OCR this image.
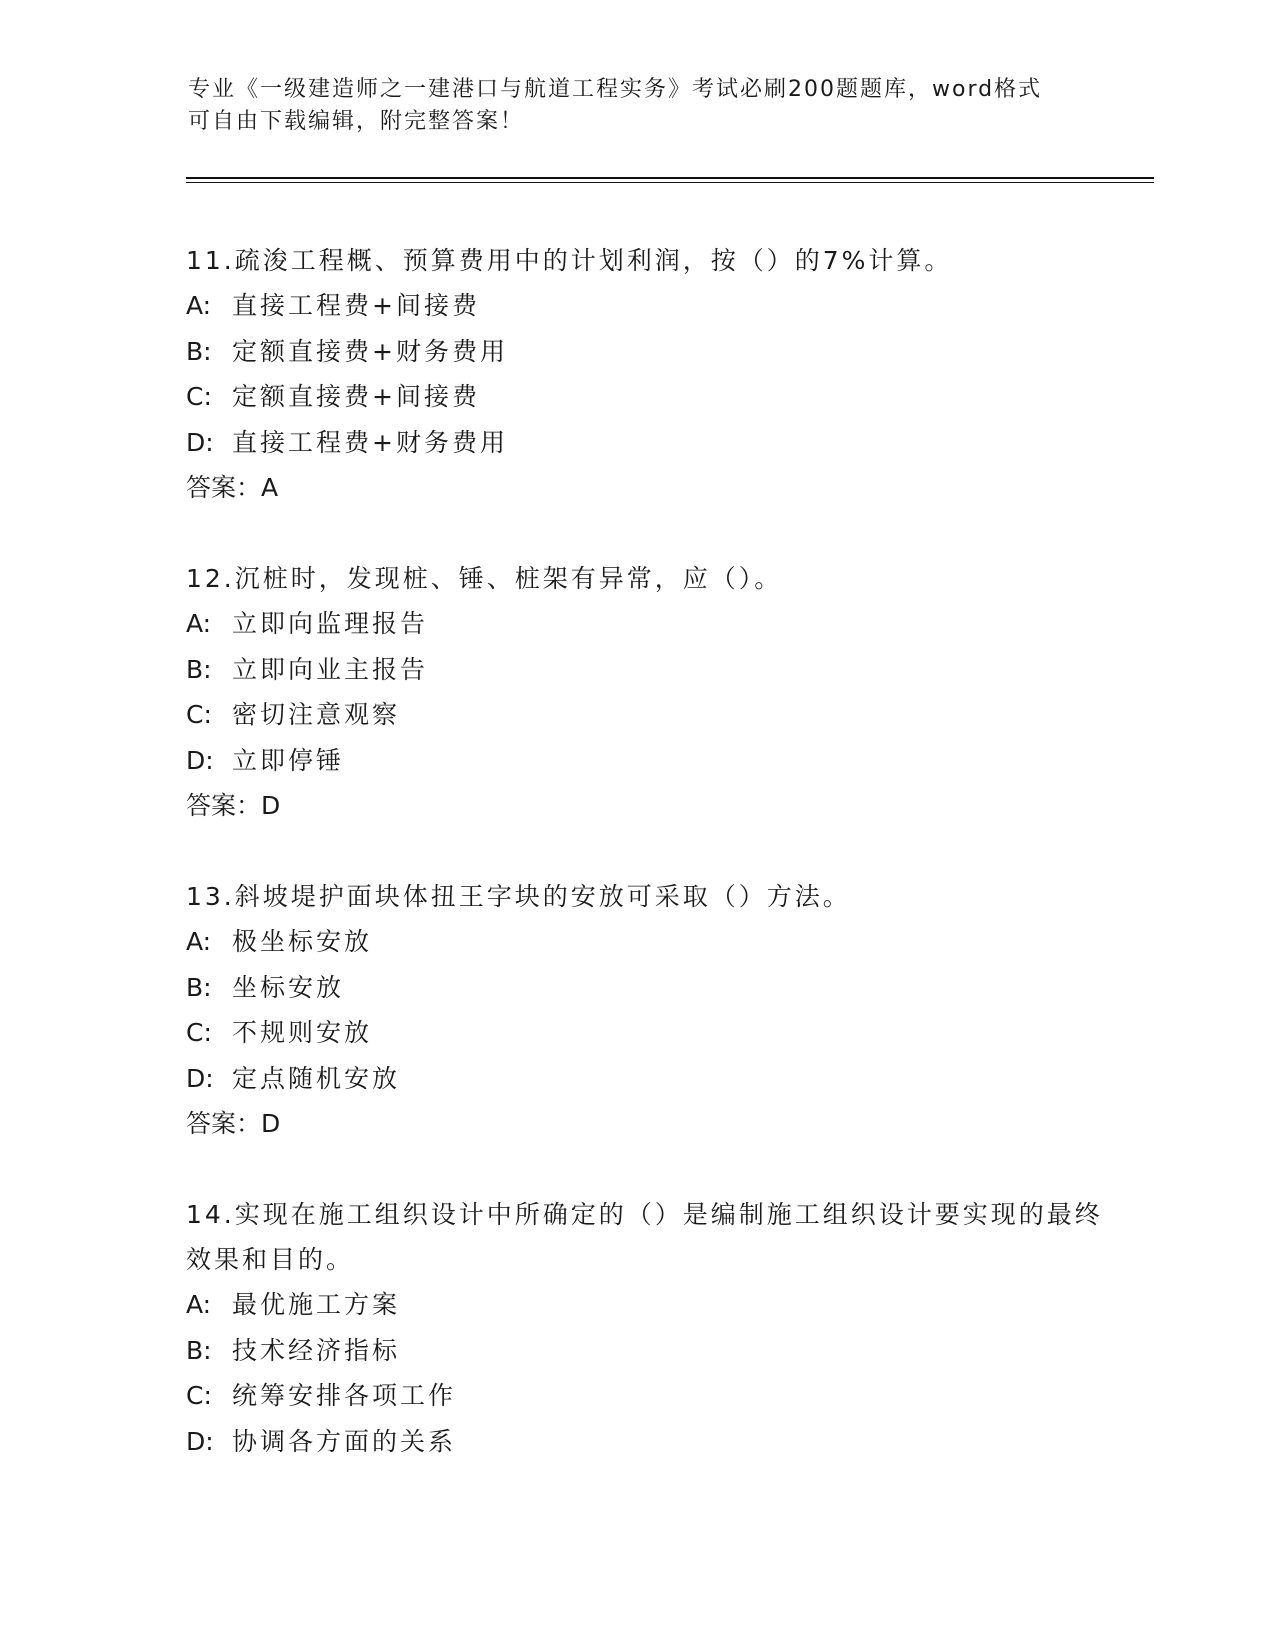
专业《一级建造师之一建港口与航道工程实务》考试必刷200题题库，word格式
可自由下载编辑，附完整答案！
11.疏浚工程概、预算费用中的计划利润，按（）的7%计算。
A: 直接工程费+间接费
B: 定额直接费+财务费用
C: 定额直接费+间接费
D: 直接工程费+财务费用
答案：A
12.沉桩时，发现桩、锤、桩架有异常，应（）。
A: 立即向监理报告
B: 立即向业主报告
C: 密切注意观察
D: 立即停锤
答案：D
13.斜坡堤护面块体扭王字块的安放可采取（）方法。
A: 极坐标安放
B: 坐标安放
C: 不规则安放
D: 定点随机安放
答案：D
14.实现在施工组织设计中所确定的（）是编制施工组织设计要实现的最终效果和目的。
A: 最优施工方案
B: 技术经济指标
C: 统筹安排各项工作
D: 协调各方面的关系
